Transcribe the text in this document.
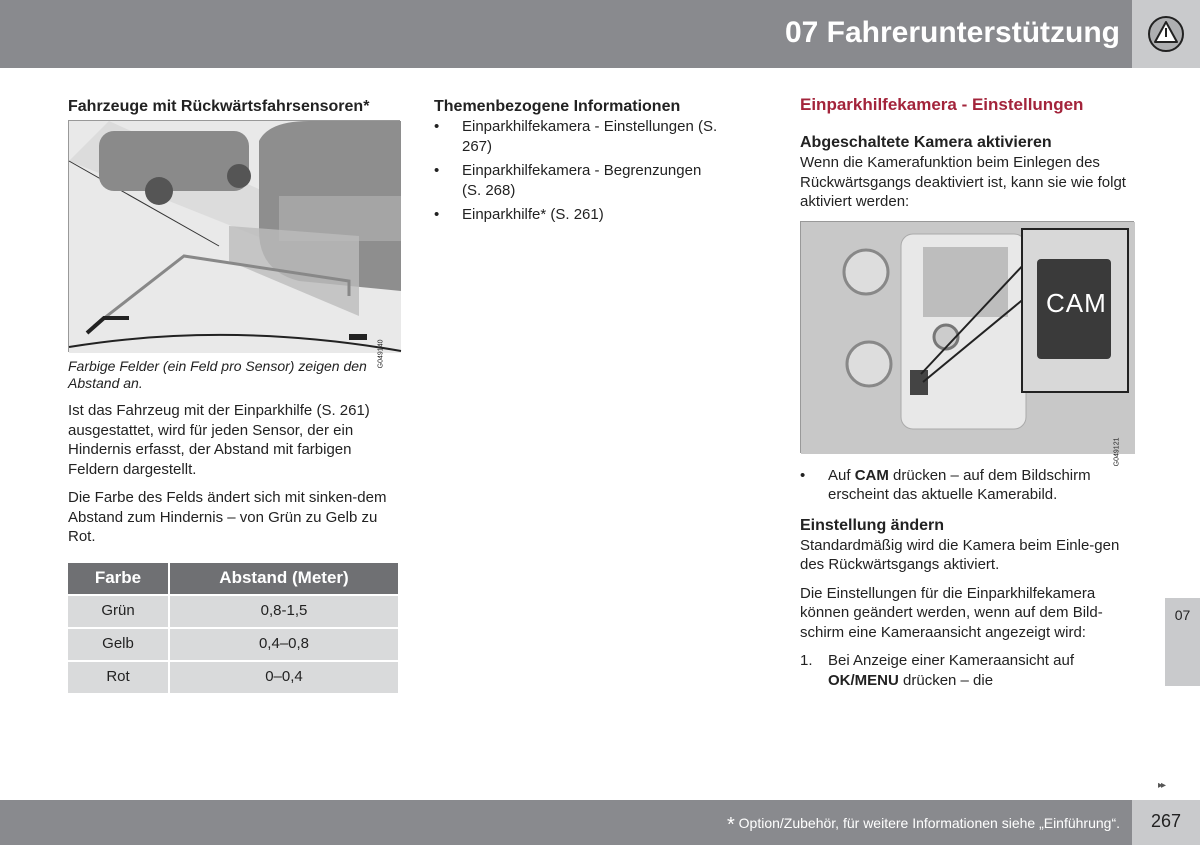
07 Fahrerunterstützung
Fahrzeuge mit Rückwärtsfahrsensoren*
G049140

Farbige Felder (ein Feld pro Sensor) zeigen den Abstand an.

Ist das Fahrzeug mit der Einparkhilfe (S. 261) ausgestattet, wird für jeden Sensor, der ein Hindernis erfasst, der Abstand mit farbigen Feldern dargestellt.

Die Farbe des Felds ändert sich mit sinken-dem Abstand zum Hindernis – von Grün zu Gelb zu Rot.

Farbe	Abstand (Meter)
Grün	0,8-1,5
Gelb	0,4–0,8
Rot	0–0,4
Themenbezogene Informationen
•	Einparkhilfekamera - Einstellungen (S. 267)
•	Einparkhilfekamera - Begrenzungen (S. 268)
•	Einparkhilfe* (S. 261)
Einparkhilfekamera - Einstellungen
Abgeschaltete Kamera aktivieren

Wenn die Kamerafunktion beim Einlegen des Rückwärtsgangs deaktiviert ist, kann sie wie folgt aktiviert werden:

CAM
G049121
•	Auf CAM drücken – auf dem Bildschirm erscheint das aktuelle Kamerabild.
Einstellung ändern

Standardmäßig wird die Kamera beim Einle-gen des Rückwärtsgangs aktiviert.

Die Einstellungen für die Einparkhilfekamera können geändert werden, wenn auf dem Bild-schirm eine Kameraansicht angezeigt wird:

1.	Bei Anzeige einer Kameraansicht auf OK/MENU drücken – die
07
▸▸
* Option/Zubehör, für weitere Informationen siehe „Einführung“.	267
